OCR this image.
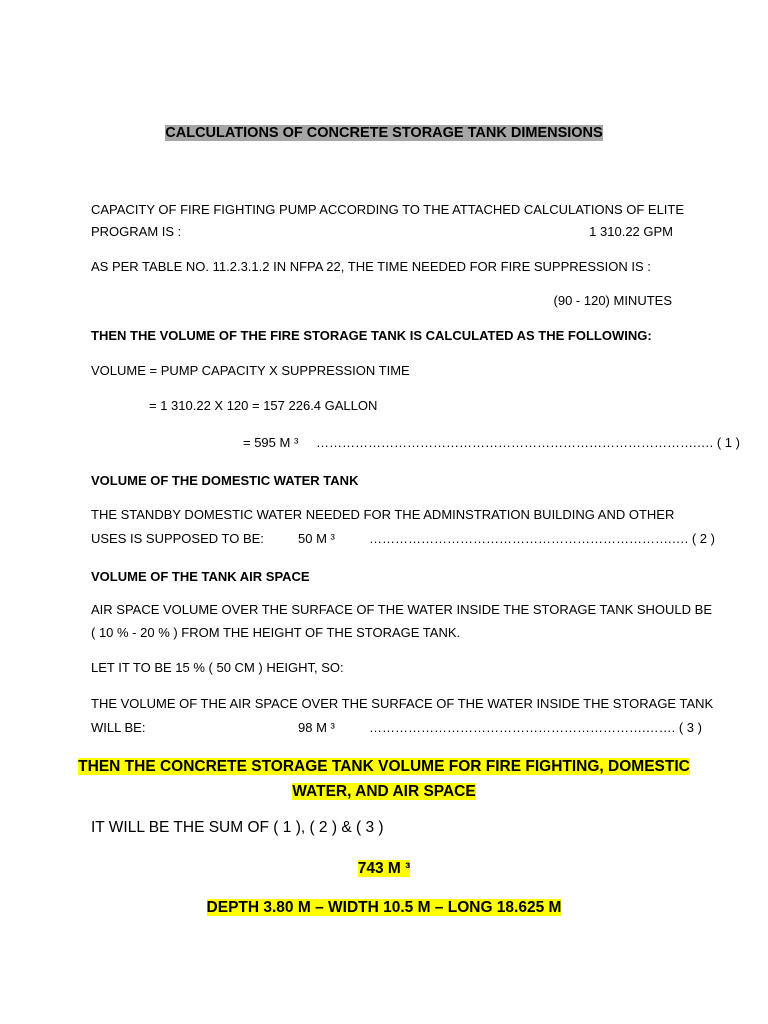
CALCULATIONS OF CONCRETE STORAGE TANK DIMENSIONS
CAPACITY OF FIRE FIGHTING PUMP ACCORDING TO THE ATTACHED CALCULATIONS OF ELITE
PROGRAM IS :	1 310.22 GPM
AS PER TABLE NO. 11.2.3.1.2 IN NFPA 22, THE TIME NEEDED FOR FIRE SUPPRESSION IS :
(90 - 120) MINUTES
THEN THE VOLUME OF THE FIRE STORAGE TANK IS CALCULATED AS THE FOLLOWING:
VOLUME = PUMP CAPACITY X SUPPRESSION TIME
= 1 310.22 X 120 = 157 226.4 GALLON
= 595 M ³ …………………………………………………………………………….…. ( 1 )
VOLUME OF THE DOMESTIC WATER TANK
THE STANDBY DOMESTIC WATER NEEDED FOR THE ADMINSTRATION BUILDING AND OTHER
USES IS SUPPOSED TO BE:	50 M ³	…………………………………………………………….…. ( 2 )
VOLUME OF THE TANK AIR SPACE
AIR SPACE VOLUME OVER THE SURFACE OF THE WATER INSIDE THE STORAGE TANK SHOULD BE
( 10 % - 20 % ) FROM THE HEIGHT OF THE STORAGE TANK.
LET IT TO BE 15 % ( 50 CM ) HEIGHT, SO:
THE VOLUME OF THE AIR SPACE OVER THE SURFACE OF THE WATER INSIDE THE STORAGE TANK
WILL BE:	98 M ³	……………………………………………………….……. ( 3 )
THEN THE CONCRETE STORAGE TANK VOLUME FOR FIRE FIGHTING, DOMESTIC
WATER, AND AIR SPACE
IT WILL BE THE SUM OF ( 1 ), ( 2 ) & ( 3 )
743 M ³
DEPTH 3.80 M – WIDTH 10.5 M – LONG 18.625 M
